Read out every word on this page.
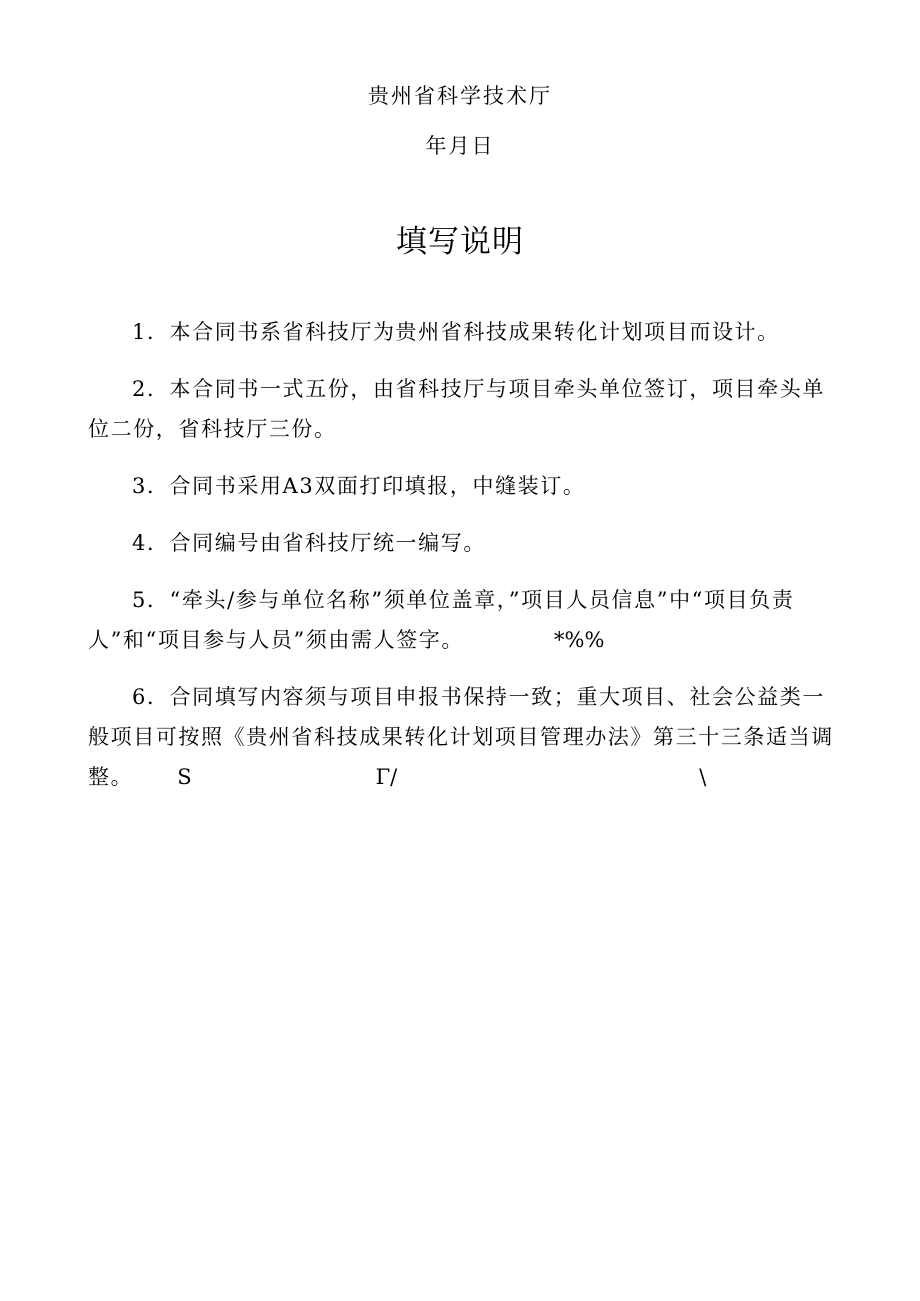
贵州省科学技术厅
年月日
填写说明

1．本合同书系省科技厅为贵州省科技成果转化计划项目而设计。

2．本合同书一式五份，由省科技厅与项目牵头单位签订，项目牵头单位二份，省科技厅三份。

3．合同书采用A3双面打印填报，中缝装订。

4．合同编号由省科技厅统一编写。

5．“牵头/参与单位名称”须单位盖章，”项目人员信息”中“项目负责人”和“项目参与人员”须由需人签字。	*%%

6．合同填写内容须与项目申报书保持一致；重大项目、社会公益类一般项目可按照《贵州省科技成果转化计划项目管理办法》第三十三条适当调整。 S	Γ/	\
